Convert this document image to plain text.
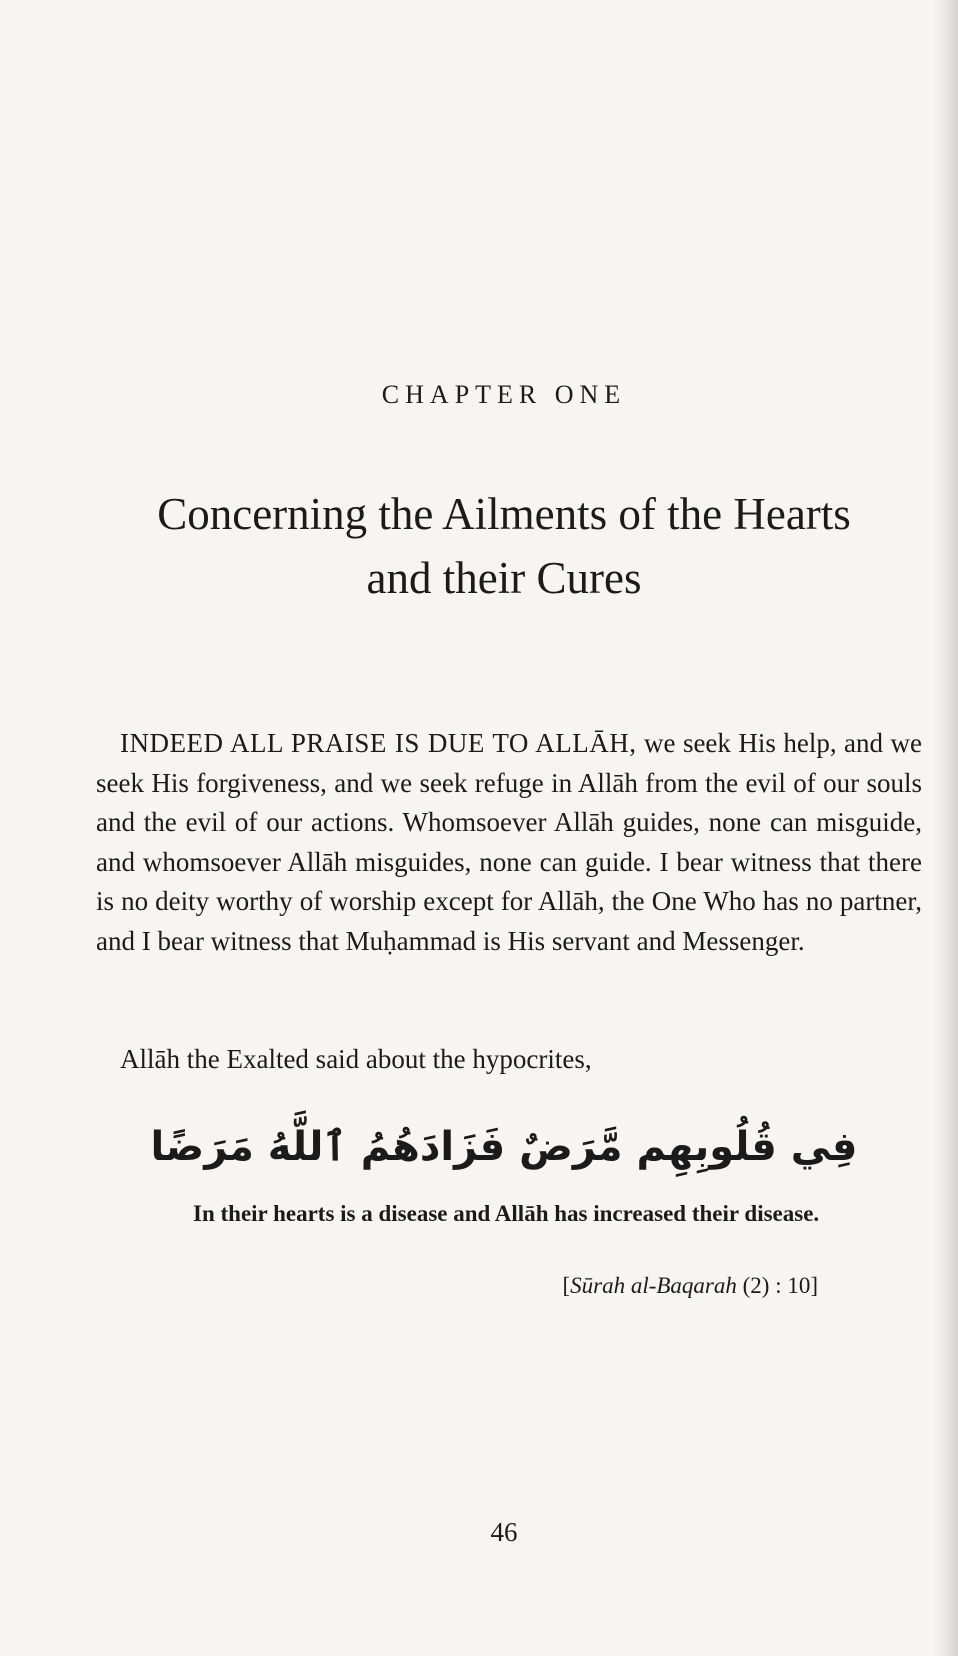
CHAPTER ONE
Concerning the Ailments of the Hearts
and their Cures
INDEED ALL PRAISE IS DUE TO ALLĀH, we seek His help, and we seek His forgiveness, and we seek refuge in Allāh from the evil of our souls and the evil of our actions. Whomsoever Allāh guides, none can misguide, and whomsoever Allāh misguides, none can guide. I bear witness that there is no deity worthy of worship except for Allāh, the One Who has no partner, and I bear witness that Muḥammad is His servant and Messenger.
Allāh the Exalted said about the hypocrites,
فِي قُلُوبِهِم مَّرَضٌ فَزَادَهُمُ ٱللَّهُ مَرَضًا
In their hearts is a disease and Allāh has increased their disease.
[Sūrah al-Baqarah (2) : 10]
46
